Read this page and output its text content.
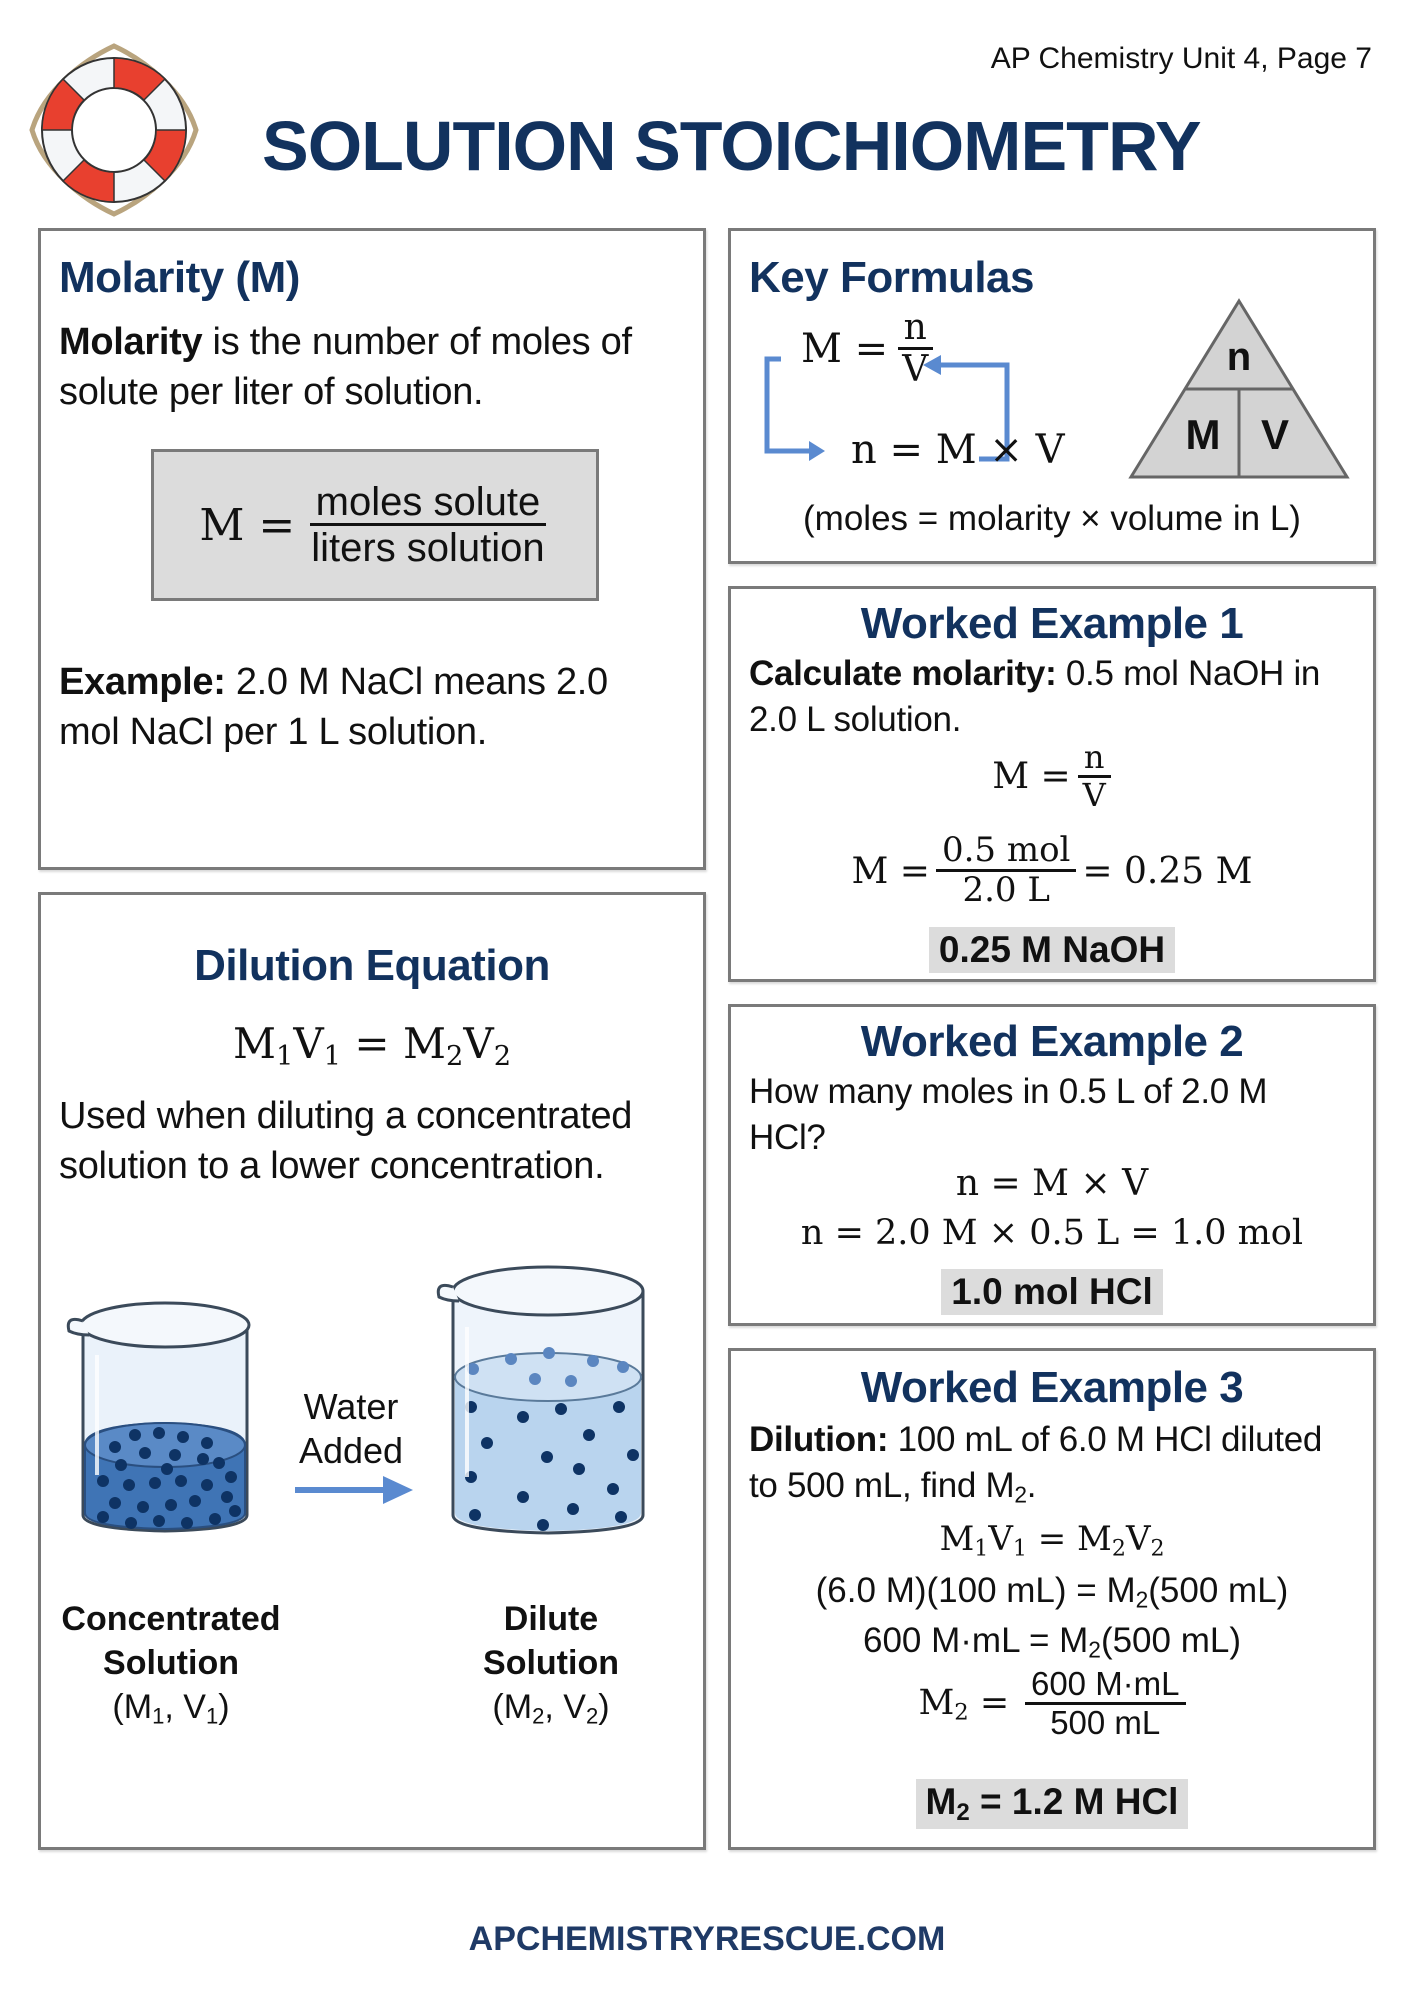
AP Chemistry Unit 4, Page 7
SOLUTION STOICHIOMETRY
Molarity (M)
Molarity is the number of moles of solute per liter of solution.
$M = \frac{\text{moles solute}}{\text{liters solution}}$
Example: 2.0 M NaCl means 2.0 mol NaCl per 1 L solution.
Dilution Equation
$M_1V_1 = M_2V_2$
Used when diluting a concentrated solution to a lower concentration.
Water
Added
Concentrated
Solution
($M_1$, $V_1$)
Dilute
Solution
($M_2$, $V_2$)
Key Formulas
$M = \frac{n}{V}$
n = M × V
n
M V
(moles = molarity × volume in L)
Worked Example 1
Calculate molarity: 0.5 mol NaOH in 2.0 L solution.
$M = \frac{n}{V}$
$M = \frac{\text{0.5 mol}}{2.0 L} = 0.25$ M
0.25 M NaOH
Worked Example 2
How many moles in 0.5 L of 2.0 M HCl?
n = M × V
n = 2.0 M × 0.5 L = 1.0 mol
1.0 mol HCl
Worked Example 3
Dilution: 100 mL of 6.0 M HCl diluted to 500 mL, find $M_2$.
$M_1V_1 = M_2V_2$
(6.0 M)(100 $mL) = M_2(500$ mL)
600 $M\cdot mL = M_2(500$ mL)
$M_2 = \frac{600 M\cdot mL}{500 mL}$
$M_2 = 1.2$ M HCl
APCHEMISTRYRESCUE.COM
